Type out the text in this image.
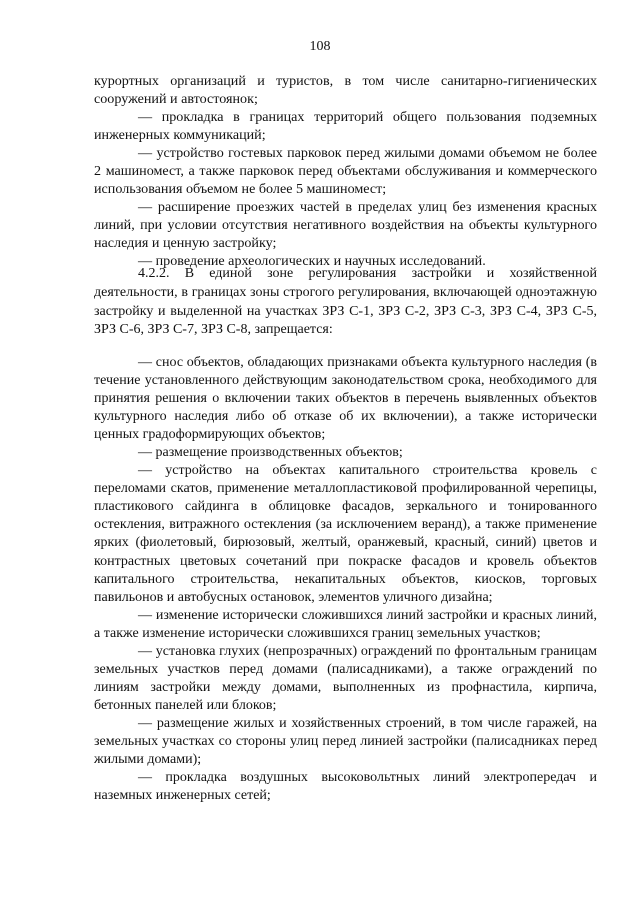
108

курортных организаций и туристов, в том числе санитарно-гигиенических сооружений и автостоянок;

— прокладка в границах территорий общего пользования подземных инженерных коммуникаций;

— устройство гостевых парковок перед жилыми домами объемом не более 2 машиномест, а также парковок перед объектами обслуживания и коммерческого использования объемом не более 5 машиномест;

— расширение проезжих частей в пределах улиц без изменения красных линий, при условии отсутствия негативного воздействия на объекты культурного наследия и ценную застройку;

— проведение археологических и научных исследований.

4.2.2. В единой зоне регулирования застройки и хозяйственной деятельности, в границах зоны строгого регулирования, включающей одноэтажную застройку и выделенной на участках ЗРЗ С-1, ЗРЗ С-2, ЗРЗ С-3, ЗРЗ С-4, ЗРЗ С-5, ЗРЗ С-6, ЗРЗ С-7, ЗРЗ С-8, запрещается:

— снос объектов, обладающих признаками объекта культурного наследия (в течение установленного действующим законодательством срока, необходимого для принятия решения о включении таких объектов в перечень выявленных объектов культурного наследия либо об отказе об их включении), а также исторически ценных градоформирующих объектов;

— размещение производственных объектов;

— устройство на объектах капитального строительства кровель с переломами скатов, применение металлопластиковой профилированной черепицы, пластикового сайдинга в облицовке фасадов, зеркального и тонированного остекления, витражного остекления (за исключением веранд), а также применение ярких (фиолетовый, бирюзовый, желтый, оранжевый, красный, синий) цветов и контрастных цветовых сочетаний при покраске фасадов и кровель объектов капитального строительства, некапитальных объектов, киосков, торговых павильонов и автобусных остановок, элементов уличного дизайна;

— изменение исторически сложившихся линий застройки и красных линий, а также изменение исторически сложившихся границ земельных участков;

— установка глухих (непрозрачных) ограждений по фронтальным границам земельных участков перед домами (палисадниками), а также ограждений по линиям застройки между домами, выполненных из профнастила, кирпича, бетонных панелей или блоков;

— размещение жилых и хозяйственных строений, в том числе гаражей, на земельных участках со стороны улиц перед линией застройки (палисадниках перед жилыми домами);

— прокладка воздушных высоковольтных линий электропередач и наземных инженерных сетей;
